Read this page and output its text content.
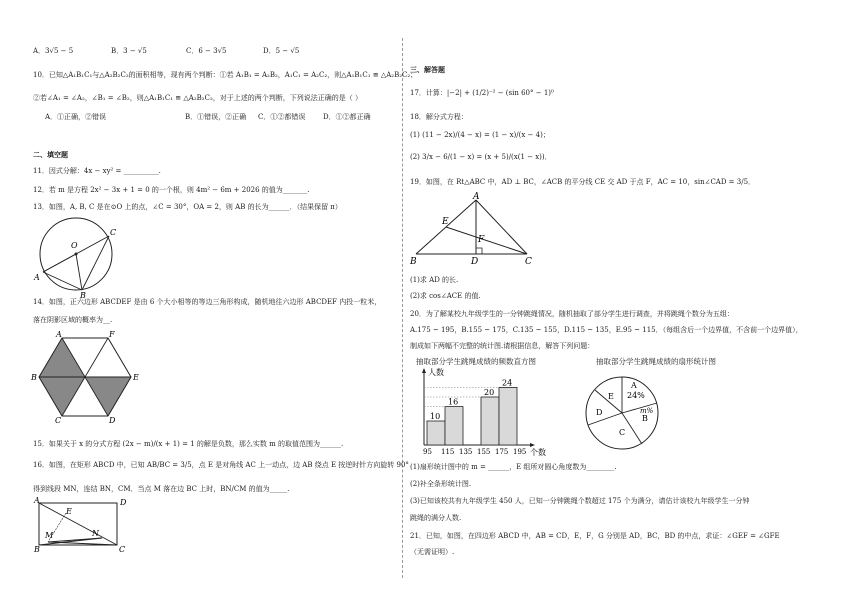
A．3√5 − 5	B．3 − √5	C．6 − 3√5	D．5 − √5
10．已知△A₁B₁C₁与△A₂B₂C₂的面积相等，现有两个判断：①若 A₁B₁ = A₂B₂，A₁C₁ = A₂C₂，则△A₁B₁C₁ ≌ △A₂B₂C₂；
②若∠A₁ = ∠A₂，∠B₁ = ∠B₂，则△A₁B₁C₁ ≌ △A₂B₂C₂，对于上述的两个判断，下列说法正确的是（ ）
A．①正确，②错误	B．①错误，②正确 C．①②都错误	D．①②都正确
二、填空题
11．因式分解：4x − xy² = __________.
12．若 m 是方程 2x² − 3x + 1 = 0 的一个根，则 4m² − 6m + 2026 的值为_______.
13．如图，A, B, C 是在⊙O 上的点，∠C = 30°，OA = 2，则 AB 的长为______．（结果保留 π）
O
C
A
B
14．如图，正六边形 ABCDEF 是由 6 个大小相等的等边三角形构成，随机地往六边形 ABCDEF 内投一粒米，
落在阴影区域的概率为__.
A	F
B	E
C	D
15．如果关于 x 的分式方程 (2x − m)/(x + 1) = 1 的解是负数，那么实数 m 的取值范围为______.
16．如图，在矩形 ABCD 中，已知 AB/BC = 3/5，点 E 是对角线 AC 上一动点，边 AB 绕点 E 按逆时针方向旋转 90°
得到线段 MN，连结 BN，CM．当点 M 落在边 BC 上时，BN/CM 的值为_____.
A	D
E
M	N
B	C
三、解答题
17．计算：|−2| + (1/2)⁻² − (sin 60° − 1)⁰
18．解分式方程：
(1) (11 − 2x)/(4 − x) = (1 − x)/(x − 4)；
(2) 3/x − 6/(1 − x) = (x + 5)/(x(1 − x))．
19．如图，在 Rt△ABC 中，AD ⊥ BC，∠ACB 的平分线 CE 交 AD 于点 F，AC = 10，sin∠CAD = 3/5．
A
E
F
B	D	C
(1)求 AD 的长.
(2)求 cos∠ACE 的值.
20．为了解某校九年级学生的一分钟跳绳情况，随机抽取了部分学生进行调查，并将跳绳个数分为五组：
A.175 ~ 195，B.155 ~ 175，C.135 ~ 155，D.115 ~ 135，E.95 ~ 115．（每组含后一个边界值，不含前一个边界值），
制成如下两幅不完整的统计图.请根据信息，解答下列问题：
抽取部分学生跳绳成绩的频数直方图	抽取部分学生跳绳成绩的扇形统计图
人数
个数
95 115 135 155 175 195
10
16
20
24	A
24%
B
m%
C
D
E
(1)扇形统计图中的 m = ______，E 组所对圆心角度数为________.
(2)补全条形统计图.
(3)已知该校共有九年级学生 450 人，已知一分钟跳绳个数超过 175 个为满分，请估计该校九年级学生一分钟
跳绳的满分人数.
21．已知，如图，在四边形 ABCD 中，AB = CD，E，F，G 分别是 AD，BC，BD 的中点，求证：∠GEF = ∠GFE
（无需证明）.
